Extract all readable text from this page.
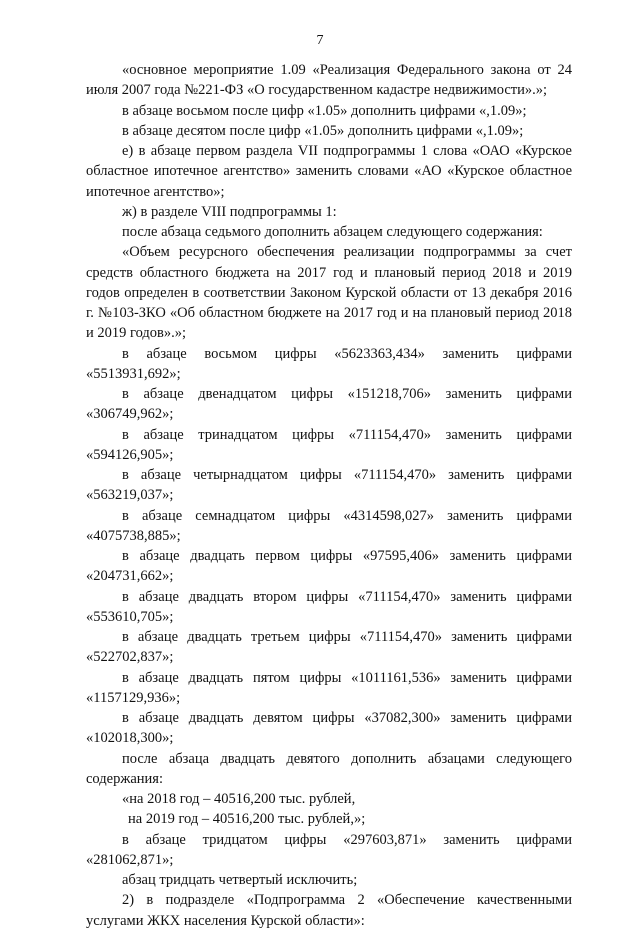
7

«основное мероприятие 1.09 «Реализация Федерального закона от 24 июля 2007 года №221-ФЗ «О государственном кадастре недвижимости».»;

в абзаце восьмом после цифр «1.05» дополнить цифрами «,1.09»;

в абзаце десятом после цифр «1.05» дополнить цифрами «,1.09»;

е) в абзаце первом раздела VII подпрограммы 1 слова «ОАО «Курское областное ипотечное агентство» заменить словами «АО «Курское областное ипотечное агентство»;

ж) в разделе VIII подпрограммы 1:

после абзаца седьмого дополнить абзацем следующего содержания:

«Объем ресурсного обеспечения реализации подпрограммы за счет средств областного бюджета на 2017 год и плановый период 2018 и 2019 годов определен в соответствии Законом Курской области от 13 декабря 2016 г. №103-ЗКО «Об областном бюджете на 2017 год и на плановый период 2018 и 2019 годов».»;

в абзаце восьмом цифры «5623363,434» заменить цифрами «5513931,692»;

в абзаце двенадцатом цифры «151218,706» заменить цифрами «306749,962»;

в абзаце тринадцатом цифры «711154,470» заменить цифрами «594126,905»;

в абзаце четырнадцатом цифры «711154,470» заменить цифрами «563219,037»;

в абзаце семнадцатом цифры «4314598,027» заменить цифрами «4075738,885»;

в абзаце двадцать первом цифры «97595,406» заменить цифрами «204731,662»;

в абзаце двадцать втором цифры «711154,470» заменить цифрами «553610,705»;

в абзаце двадцать третьем цифры «711154,470» заменить цифрами «522702,837»;

в абзаце двадцать пятом цифры «1011161,536» заменить цифрами «1157129,936»;

в абзаце двадцать девятом цифры «37082,300» заменить цифрами «102018,300»;

после абзаца двадцать девятого дополнить абзацами следующего содержания:

«на 2018 год – 40516,200 тыс. рублей,

на 2019 год – 40516,200 тыс. рублей,»;

в абзаце тридцатом цифры «297603,871» заменить цифрами «281062,871»;

абзац тридцать четвертый исключить;

2) в подразделе «Подпрограмма 2 «Обеспечение качественными услугами ЖКХ населения Курской области»:
